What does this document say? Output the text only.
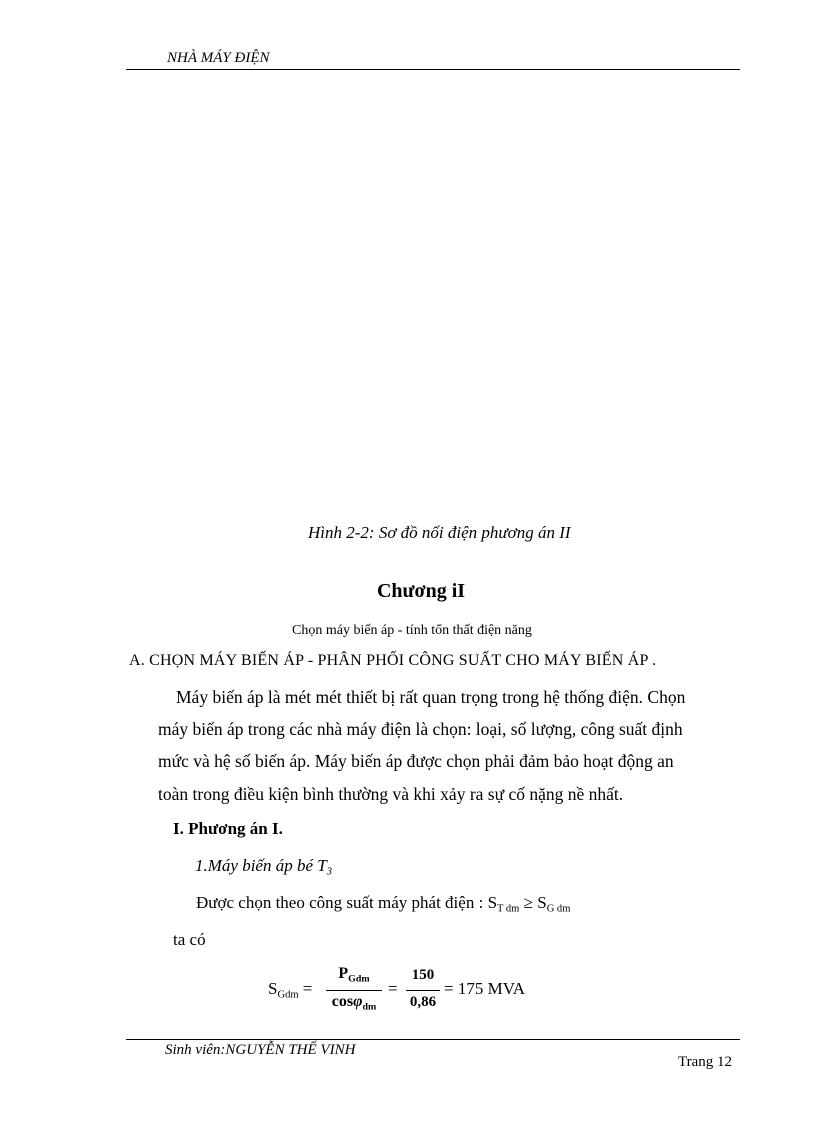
NHÀ MÁY ĐIỆN
Hình 2-2: Sơ đồ nối điện phương án II
Chương iI
Chọn máy biến áp - tính tổn thất điện năng
A. CHỌN MÁY BIẾN ÁP - PHÂN PHỐI CÔNG SUẤT CHO MÁY BIẾN ÁP .
Máy biến áp là mét mét thiết bị rất quan trọng trong hệ thống điện. Chọn
máy biến áp trong các nhà máy điện là chọn: loại, số lượng, công suất định
mức và hệ số biến áp. Máy biến áp được chọn phải đảm bảo hoạt động an
toàn trong điều kiện bình thường và khi xảy ra sự cố nặng nề nhất.
I. Phương án I.
1.Máy biến áp bé $T_3$
Được chọn theo công suất máy phát điện : $S_{T dm} \ge S_{G dm}$
ta có
$S_{Gdm}$ =
$P_{Gdm}$
cosφ$_{dm}$
=
150
0,86
= 175 MVA
Sinh viên:NGUYỄN THẾ VINH
Trang 12
